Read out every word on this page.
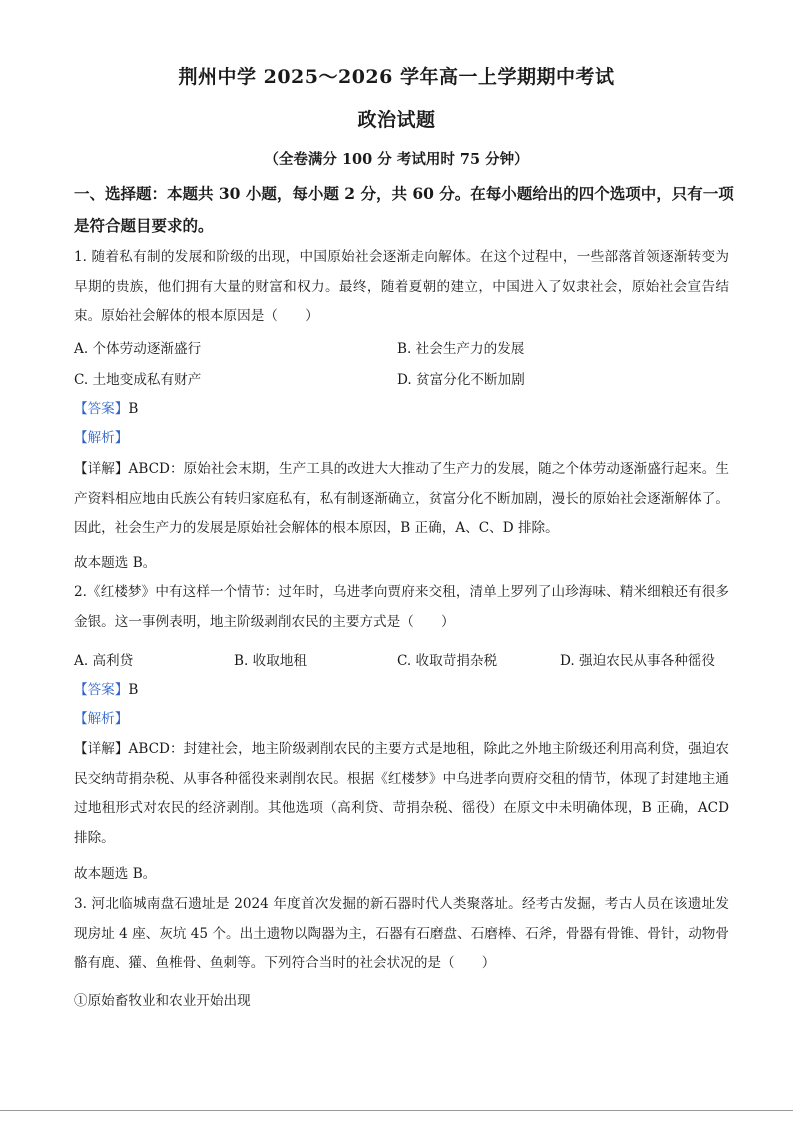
荆州中学 2025～2026 学年高一上学期期中考试
政治试题
（全卷满分 100 分 考试用时 75 分钟）
一、选择题：本题共 30 小题，每小题 2 分，共 60 分。在每小题给出的四个选项中，只有一项是符合题目要求的。
1. 随着私有制的发展和阶级的出现，中国原始社会逐渐走向解体。在这个过程中，一些部落首领逐渐转变为早期的贵族，他们拥有大量的财富和权力。最终，随着夏朝的建立，中国进入了奴隶社会，原始社会宣告结束。原始社会解体的根本原因是（　　）
A. 个体劳动逐渐盛行	B. 社会生产力的发展
C. 土地变成私有财产	D. 贫富分化不断加剧
【答案】B
【解析】
【详解】ABCD：原始社会末期，生产工具的改进大大推动了生产力的发展，随之个体劳动逐渐盛行起来。生产资料相应地由氏族公有转归家庭私有，私有制逐渐确立，贫富分化不断加剧，漫长的原始社会逐渐解体了。因此，社会生产力的发展是原始社会解体的根本原因，B 正确，A、C、D 排除。
故本题选 B。
2.《红楼梦》中有这样一个情节：过年时，乌进孝向贾府来交租，清单上罗列了山珍海味、精米细粮还有很多金银。这一事例表明，地主阶级剥削农民的主要方式是（　　）
A. 高利贷	B. 收取地租	C. 收取苛捐杂税	D. 强迫农民从事各种徭役
【答案】B
【解析】
【详解】ABCD：封建社会，地主阶级剥削农民的主要方式是地租，除此之外地主阶级还利用高利贷，强迫农民交纳苛捐杂税、从事各种徭役来剥削农民。根据《红楼梦》中乌进孝向贾府交租的情节，体现了封建地主通过地租形式对农民的经济剥削。其他选项（高利贷、苛捐杂税、徭役）在原文中未明确体现，B 正确，ACD 排除。
故本题选 B。
3. 河北临城南盘石遗址是 2024 年度首次发掘的新石器时代人类聚落址。经考古发掘，考古人员在该遗址发现房址 4 座、灰坑 45 个。出土遗物以陶器为主，石器有石磨盘、石磨棒、石斧，骨器有骨锥、骨针，动物骨骼有鹿、獾、鱼椎骨、鱼刺等。下列符合当时的社会状况的是（　　）
①原始畜牧业和农业开始出现
